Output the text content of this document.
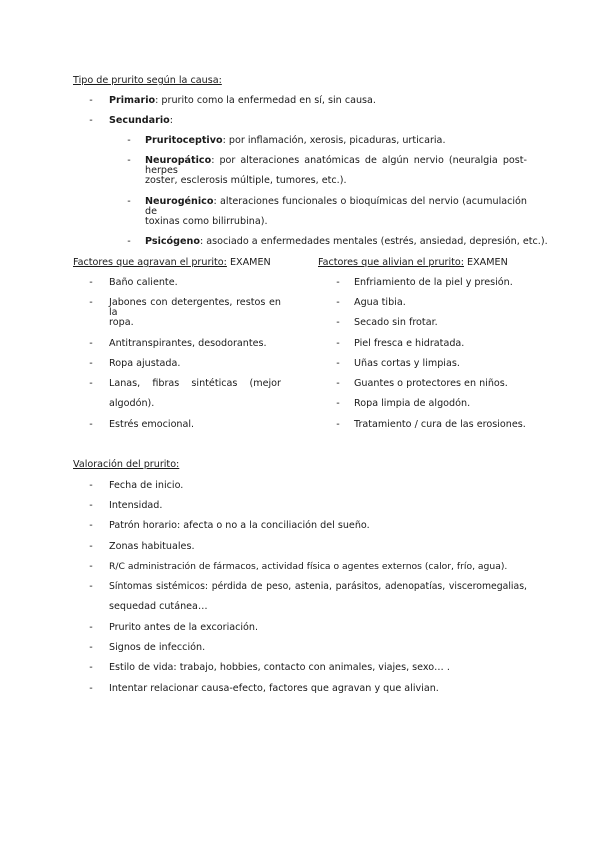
Tipo de prurito según la causa:
-	Primario: prurito como la enfermedad en sí, sin causa.
-	Secundario:
-	Pruritoceptivo: por inflamación, xerosis, picaduras, urticaria.
-	Neuropático: por alteraciones anatómicas de algún nervio (neuralgia post-herpes
zoster, esclerosis múltiple, tumores, etc.).
-	Neurogénico: alteraciones funcionales o bioquímicas del nervio (acumulación de
toxinas como bilirrubina).
-	Psicógeno: asociado a enfermedades mentales (estrés, ansiedad, depresión, etc.).
Factores que agravan el prurito: EXAMEN
-	Baño caliente.
-	Jabones con detergentes, restos en la
ropa.
-	Antitranspirantes, desodorantes.
-	Ropa ajustada.
-	Lanas, fibras sintéticas (mejor
algodón).
-	Estrés emocional.
Factores que alivian el prurito: EXAMEN
-	Enfriamiento de la piel y presión.
-	Agua tibia.
-	Secado sin frotar.
-	Piel fresca e hidratada.
-	Uñas cortas y limpias.
-	Guantes o protectores en niños.
-	Ropa limpia de algodón.
-	Tratamiento / cura de las erosiones.
Valoración del prurito:
-	Fecha de inicio.
-	Intensidad.
-	Patrón horario: afecta o no a la conciliación del sueño.
-	Zonas habituales.
-	R/C administración de fármacos, actividad física o agentes externos (calor, frío, agua).
-	Síntomas sistémicos: pérdida de peso, astenia, parásitos, adenopatías, visceromegalias,
sequedad cutánea…
-	Prurito antes de la excoriación.
-	Signos de infección.
-	Estilo de vida: trabajo, hobbies, contacto con animales, viajes, sexo… .
-	Intentar relacionar causa-efecto, factores que agravan y que alivian.
